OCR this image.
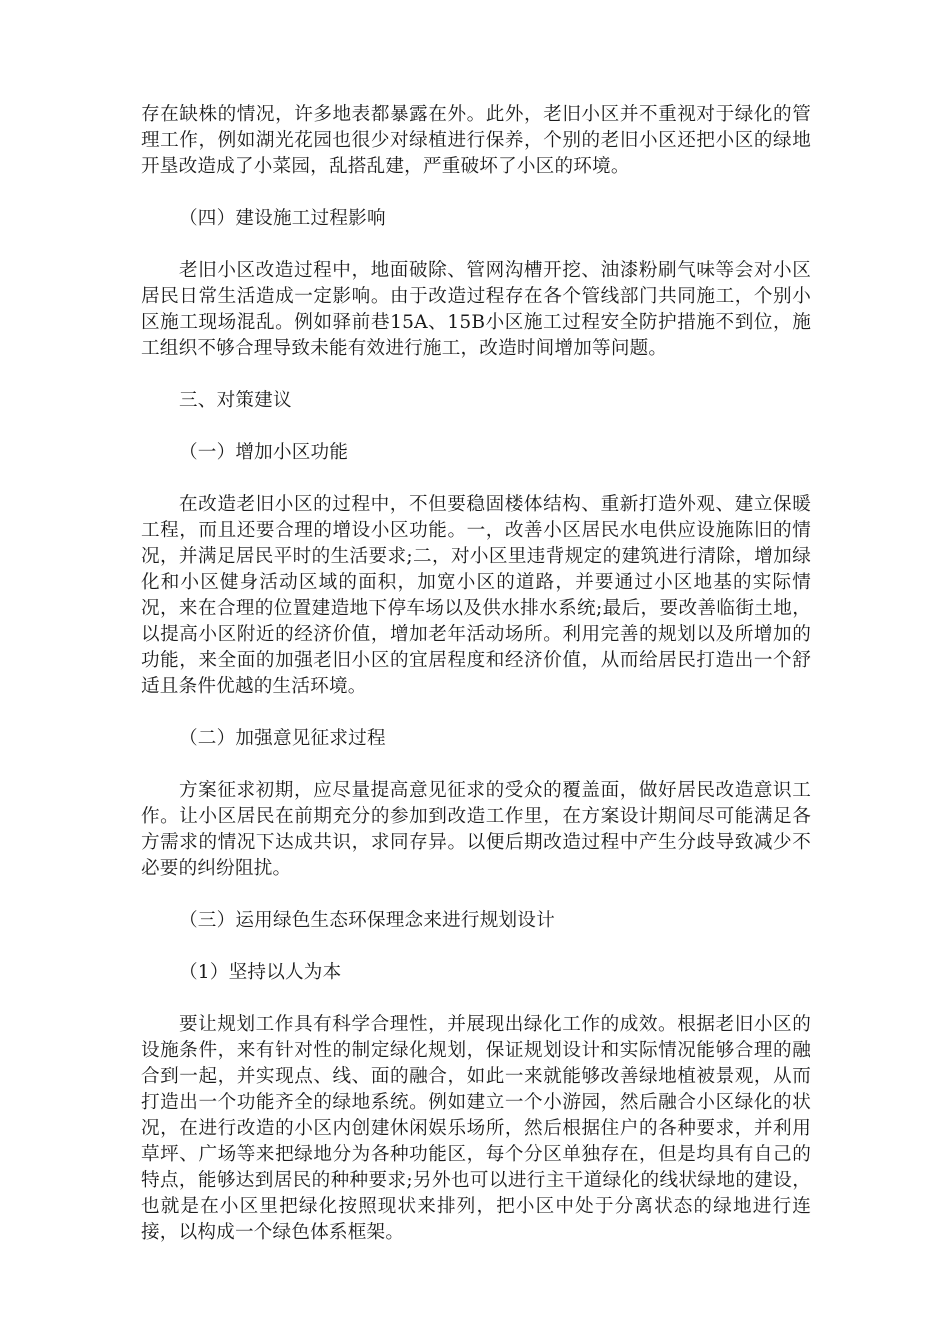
存在缺株的情况，许多地表都暴露在外。此外，老旧小区并不重视对于绿化的管理工作，例如湖光花园也很少对绿植进行保养，个别的老旧小区还把小区的绿地开垦改造成了小菜园，乱搭乱建，严重破坏了小区的环境。

（四）建设施工过程影响

老旧小区改造过程中，地面破除、管网沟槽开挖、油漆粉刷气味等会对小区居民日常生活造成一定影响。由于改造过程存在各个管线部门共同施工，个别小区施工现场混乱。例如驿前巷15A、15B小区施工过程安全防护措施不到位，施工组织不够合理导致未能有效进行施工，改造时间增加等问题。

三、对策建议

（一）增加小区功能

在改造老旧小区的过程中，不但要稳固楼体结构、重新打造外观、建立保暖工程，而且还要合理的增设小区功能。一，改善小区居民水电供应设施陈旧的情况，并满足居民平时的生活要求;二，对小区里违背规定的建筑进行清除，增加绿化和小区健身活动区域的面积，加宽小区的道路，并要通过小区地基的实际情况，来在合理的位置建造地下停车场以及供水排水系统;最后，要改善临街土地，以提高小区附近的经济价值，增加老年活动场所。利用完善的规划以及所增加的功能，来全面的加强老旧小区的宜居程度和经济价值，从而给居民打造出一个舒适且条件优越的生活环境。

（二）加强意见征求过程

方案征求初期，应尽量提高意见征求的受众的覆盖面，做好居民改造意识工作。让小区居民在前期充分的参加到改造工作里，在方案设计期间尽可能满足各方需求的情况下达成共识，求同存异。以便后期改造过程中产生分歧导致减少不必要的纠纷阻扰。

（三）运用绿色生态环保理念来进行规划设计

（1）坚持以人为本

要让规划工作具有科学合理性，并展现出绿化工作的成效。根据老旧小区的设施条件，来有针对性的制定绿化规划，保证规划设计和实际情况能够合理的融合到一起，并实现点、线、面的融合，如此一来就能够改善绿地植被景观，从而打造出一个功能齐全的绿地系统。例如建立一个小游园，然后融合小区绿化的状况，在进行改造的小区内创建休闲娱乐场所，然后根据住户的各种要求，并利用草坪、广场等来把绿地分为各种功能区，每个分区单独存在，但是均具有自己的特点，能够达到居民的种种要求;另外也可以进行主干道绿化的线状绿地的建设，也就是在小区里把绿化按照现状来排列，把小区中处于分离状态的绿地进行连接，以构成一个绿色体系框架。
